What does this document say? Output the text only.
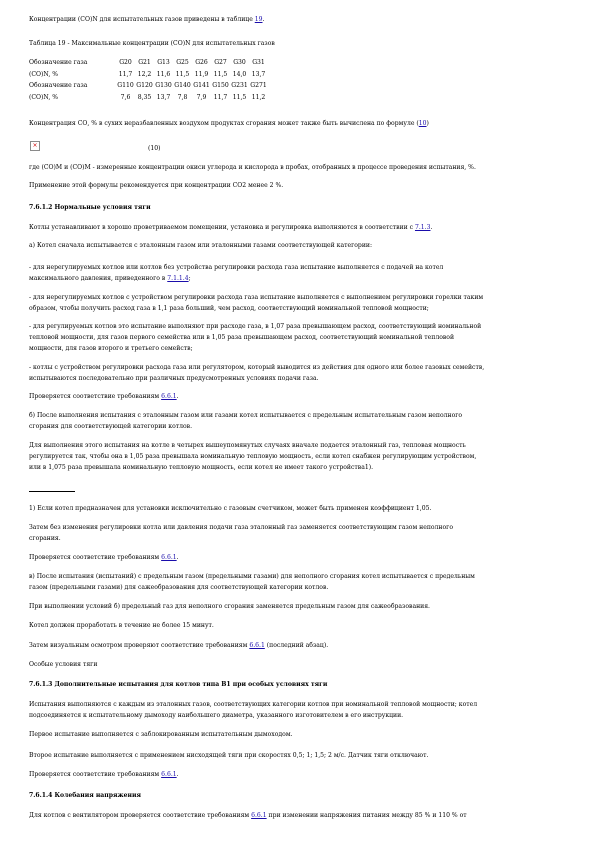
Концентрации (СО)N для испытательных газов приведены в таблице 19.
Таблица 19 - Максимальные концентрации (СО)N для испытательных газов
Обозначение газа	G20	G21	G13	G25	G26	G27	G30	G31
(СО)N, %	11,7	12,2	11,6	11,5	11,9	11,5	14,0	13,7
Обозначение газа	G110	G120	G130	G140	G141	G150	G231	G271
(СО)N, %	7,6	8,35	13,7	7,8	7,9	11,7	11,5	11,2
Концентрация СО, % в сухих неразбавленных воздухом продуктах сгорания может также быть вычислена по формуле (10)
×	(10)
где (СО)М и (СО)М - измеренные концентрации окиси углерода и кислорода в пробах, отобранных в процессе проведения испытания, %.
Применение этой формулы рекомендуется при концентрации СО2 менее 2 %.
7.6.1.2 Нормальные условия тяги
Котлы устанавливают в хорошо проветриваемом помещении, установка и регулировка выполняются в соответствии с 7.1.3.
а) Котел сначала испытывается с эталонным газом или эталонными газами соответствующей категории:
- для нерегулируемых котлов или котлов без устройства регулировки расхода газа испытание выполняется с подачей на котел
максимального давления, приведенного в 7.1.1.4;
- для нерегулируемых котлов с устройством регулировки расхода газа испытание выполняется с выполнением регулировки горелки таким
образом, чтобы получить расход газа в 1,1 раза больший, чем расход, соответствующий номинальной тепловой мощности;
- для регулируемых котлов это испытание выполняют при расходе газа, в 1,07 раза превышающем расход, соответствующий номинальной
тепловой мощности, для газов первого семейства или в 1,05 раза превышающем расход, соответствующий номинальной тепловой
мощности, для газов второго и третьего семейств;
- котлы с устройством регулировки расхода газа или регулятором, который выводится из действия для одного или более газовых семейств,
испытываются последовательно при различных предусмотренных условиях подачи газа.
Проверяется соответствие требованиям 6.6.1.
б) После выполнения испытания с эталонным газом или газами котел испытывается с предельным испытательным газом неполного
сгорания для соответствующей категории котлов.
Для выполнения этого испытания на котле в четырех вышеупомянутых случаях вначале подается эталонный газ, тепловая мощность
регулируется так, чтобы она в 1,05 раза превышала номинальную тепловую мощность, если котел снабжен регулирующим устройством,
или в 1,075 раза превышала номинальную тепловую мощность, если котел не имеет такого устройства1).
1) Если котел предназначен для установки исключительно с газовым счетчиком, может быть применен коэффициент 1,05.
Затем без изменения регулировки котла или давления подачи газа эталонный газ заменяется соответствующим газом неполного
сгорания.
Проверяется соответствие требованиям 6.6.1.
в) После испытания (испытаний) с предельным газом (предельными газами) для неполного сгорания котел испытывается с предельным
газом (предельными газами) для сажеобразования для соответствующей категории котлов.
При выполнении условий б) предельный газ для неполного сгорания заменяется предельным газом для сажеобразования.
Котел должен проработать в течение не более 15 минут.
Затем визуальным осмотром проверяют соответствие требованиям 6.6.1 (последний абзац).
Особые условия тяги
7.6.1.3 Дополнительные испытания для котлов типа В1 при особых условиях тяги
Испытания выполняются с каждым из эталонных газов, соответствующих категории котлов при номинальной тепловой мощности; котел
подсоединяется к испытательному дымоходу наибольшего диаметра, указанного изготовителем в его инструкции.
Первое испытание выполняется с заблокированным испытательным дымоходом.
Второе испытание выполняется с применением нисходящей тяги при скоростях 0,5; 1; 1,5; 2 м/с. Датчик тяги отключают.
Проверяется соответствие требованиям 6.6.1.
7.6.1.4 Колебания напряжения
Для котлов с вентилятором проверяется соответствие требованиям 6.6.1 при изменении напряжения питания между 85 % и 110 % от
